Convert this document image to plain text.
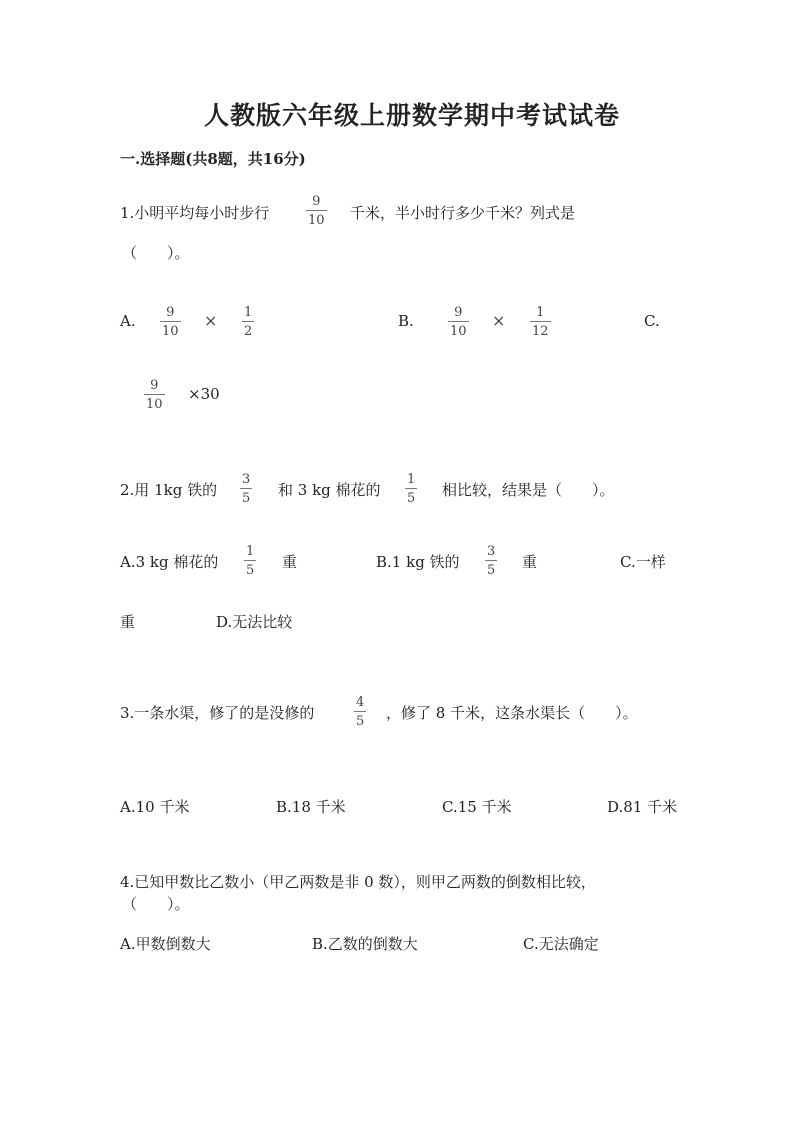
人教版六年级上册数学期中考试试卷
一.选择题(共8题，共16分)
1.小明平均每小时步行
9
10 千米，半小时行多少千米？列式是
（　　）。
A. 9
10
× 1
2
B.	9
10
× 1
12
C.
9
10
×30
2.用 1kg 铁的
3
5 和 3 kg 棉花的
1
5 相比较，结果是（　　）。
A.3 kg 棉花的
1
5 重	B.1 kg 铁的
3
5 重	C.一样
重	D.无法比较
3.一条水渠，修了的是没修的
4
5 ，修了 8 千米，这条水渠长（　　）。
A.10 千米	B.18 千米	C.15 千米	D.81 千米
4.已知甲数比乙数小（甲乙两数是非 0 数），则甲乙两数的倒数相比较，
（　　）。
A.甲数倒数大	B.乙数的倒数大	C.无法确定
